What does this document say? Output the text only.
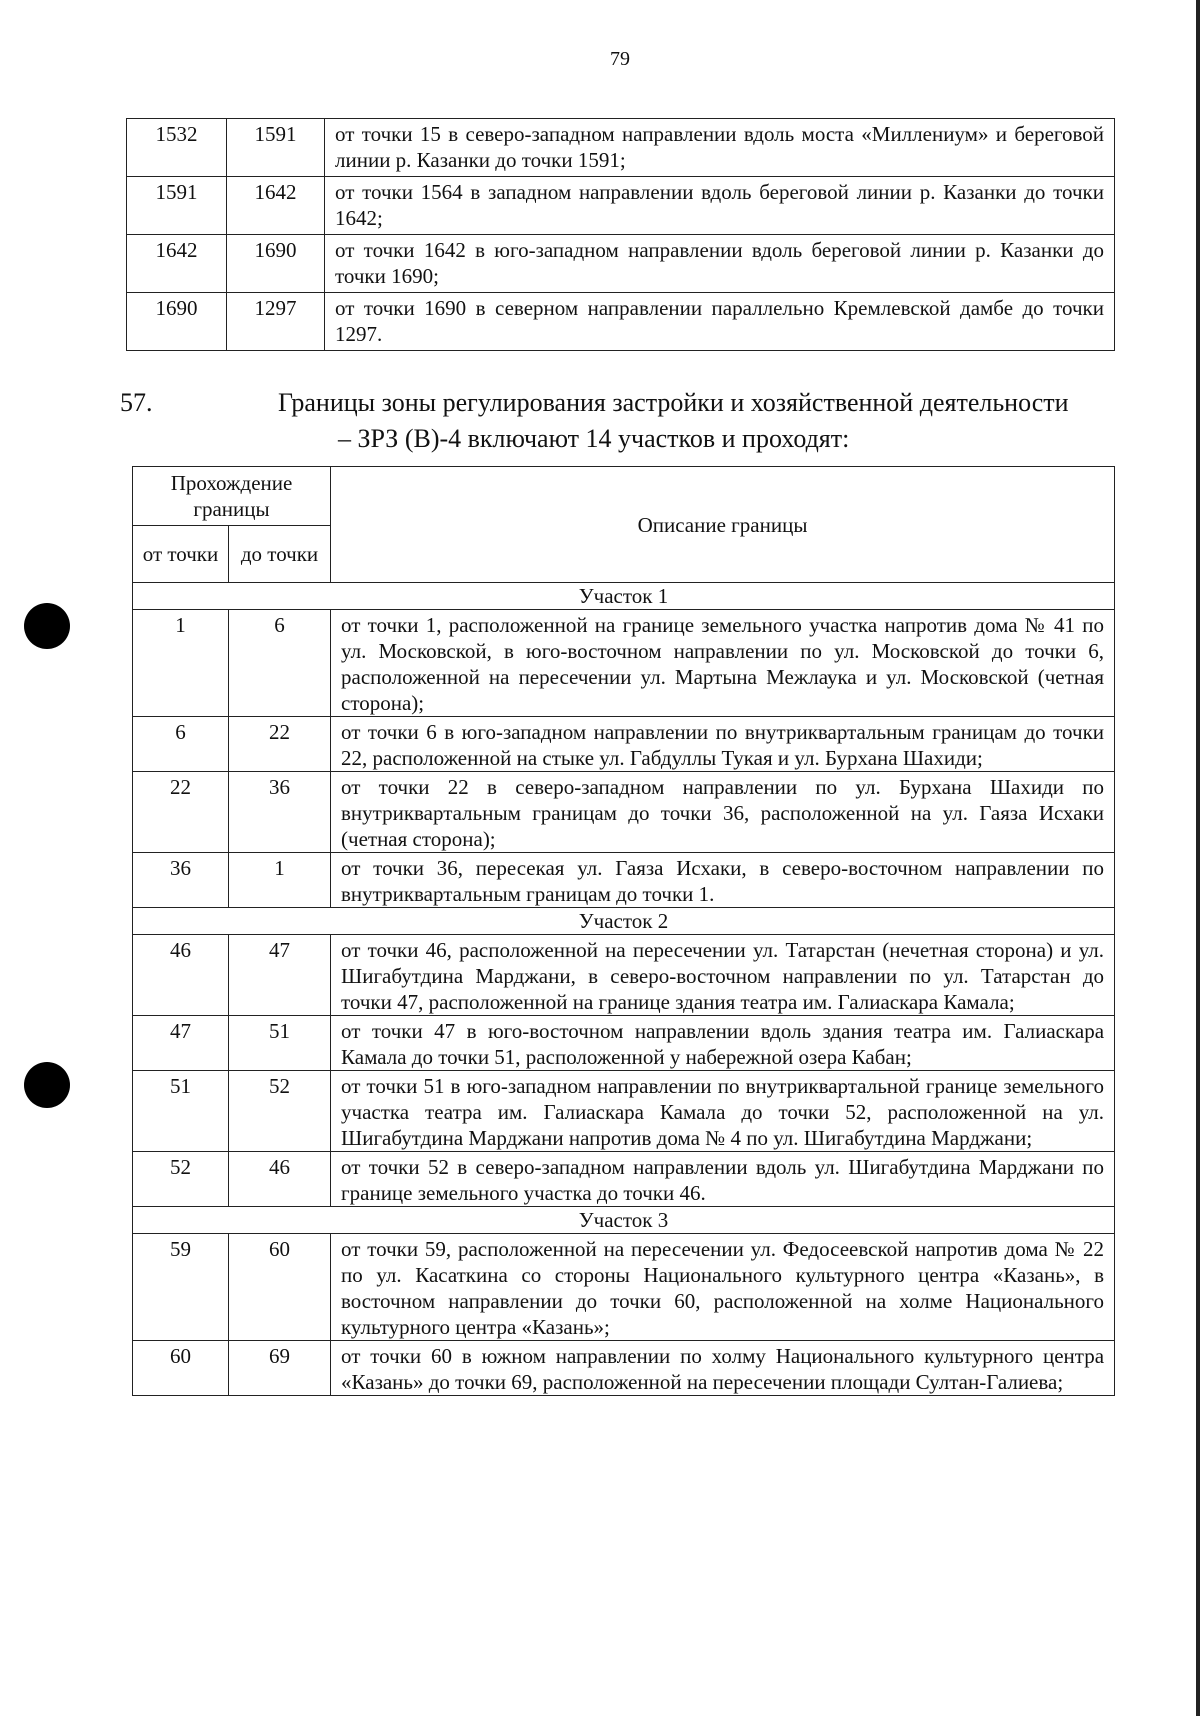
79
1532	1591	от точки 15 в северо-западном направлении вдоль моста «Миллениум» и береговой линии р. Казанки до точки 1591;
1591	1642	от точки 1564 в западном направлении вдоль береговой линии р. Казанки до точки 1642;
1642	1690	от точки 1642 в юго-западном направлении вдоль береговой линии р. Казанки до точки 1690;
1690	1297	от точки 1690 в северном направлении параллельно Кремлевской дамбе до точки 1297.
57.	Границы зоны регулирования застройки и хозяйственной деятельности
– ЗРЗ (В)-4 включают 14 участков и проходят:
Прохождение границы		Описание границы
от точки	до точки	
Участок 1		
1	6	от точки 1, расположенной на границе земельного участка напротив дома № 41 по ул. Московской, в юго-восточном направлении по ул. Московской до точки 6, расположенной на пересечении ул. Мартына Межлаука и ул. Московской (четная сторона);
6	22	от точки 6 в юго-западном направлении по внутриквартальным границам до точки 22, расположенной на стыке ул. Габдуллы Тукая и ул. Бурхана Шахиди;
22	36	от точки 22 в северо-западном направлении по ул. Бурхана Шахиди по внутриквартальным границам до точки 36, расположенной на ул. Гаяза Исхаки (четная сторона);
36	1	от точки 36, пересекая ул. Гаяза Исхаки, в северо-восточном направлении по внутриквартальным границам до точки 1.
Участок 2		
46	47	от точки 46, расположенной на пересечении ул. Татарстан (нечетная сторона) и ул. Шигабутдина Марджани, в северо-восточном направлении по ул. Татарстан до точки 47, расположенной на границе здания театра им. Галиаскара Камала;
47	51	от точки 47 в юго-восточном направлении вдоль здания театра им. Галиаскара Камала до точки 51, расположенной у набережной озера Кабан;
51	52	от точки 51 в юго-западном направлении по внутриквартальной границе земельного участка театра им. Галиаскара Камала до точки 52, расположенной на ул. Шигабутдина Марджани напротив дома № 4 по ул. Шигабутдина Марджани;
52	46	от точки 52 в северо-западном направлении вдоль ул. Шигабутдина Марджани по границе земельного участка до точки 46.
Участок 3		
59	60	от точки 59, расположенной на пересечении ул. Федосеевской напротив дома № 22 по ул. Касаткина со стороны Национального культурного центра «Казань», в восточном направлении до точки 60, расположенной на холме Национального культурного центра «Казань»;
60	69	от точки 60 в южном направлении по холму Национального культурного центра «Казань» до точки 69, расположенной на пересечении площади Султан-Галиева;
